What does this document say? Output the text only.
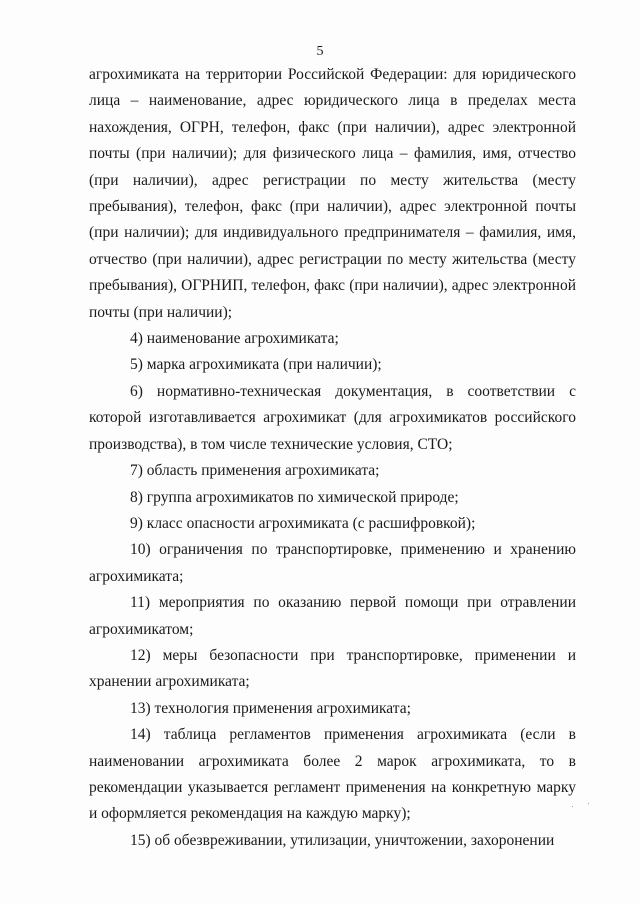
5

агрохимиката на территории Российской Федерации: для юридического лица – наименование, адрес юридического лица в пределах места нахождения, ОГРН, телефон, факс (при наличии), адрес электронной почты (при наличии); для физического лица – фамилия, имя, отчество (при наличии), адрес регистрации по месту жительства (месту пребывания), телефон, факс (при наличии), адрес электронной почты (при наличии); для индивидуального предпринимателя – фамилия, имя, отчество (при наличии), адрес регистрации по месту жительства (месту пребывания), ОГРНИП, телефон, факс (при наличии), адрес электронной почты (при наличии);

4) наименование агрохимиката;

5) марка агрохимиката (при наличии);

6) нормативно-техническая документация, в соответствии с которой изготавливается агрохимикат (для агрохимикатов российского производства), в том числе технические условия, СТО;

7) область применения агрохимиката;

8) группа агрохимикатов по химической природе;

9) класс опасности агрохимиката (с расшифровкой);

10) ограничения по транспортировке, применению и хранению агрохимиката;

11) мероприятия по оказанию первой помощи при отравлении агрохимикатом;

12) меры безопасности при транспортировке, применении и хранении агрохимиката;

13) технология применения агрохимиката;

14) таблица регламентов применения агрохимиката (если в наименовании агрохимиката более 2 марок агрохимиката, то в рекомендации указывается регламент применения на конкретную марку и оформляется рекомендация на каждую марку);

15) об обезвреживании, утилизации, уничтожении, захоронении
